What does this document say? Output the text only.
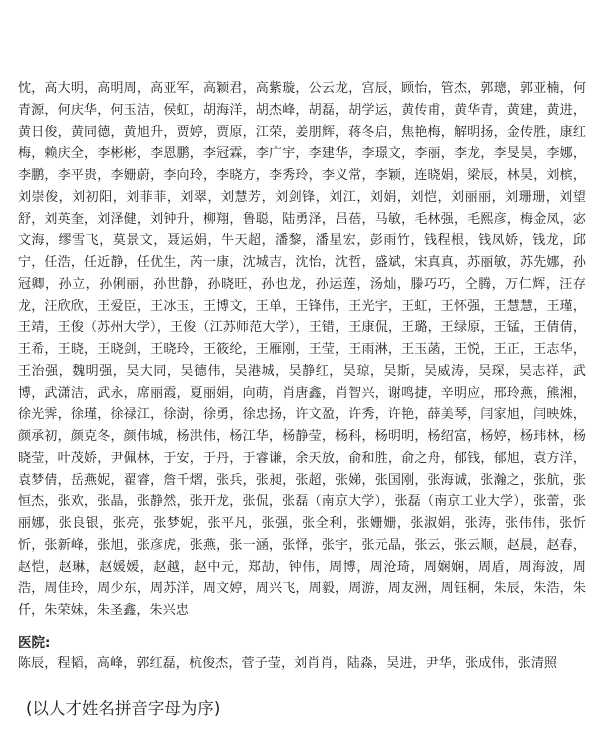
忱，高大明，高明周，高亚军，高颖君，高紫璇，公云龙，宫辰，顾怡，管杰，郭璁，郭亚楠，何青源，何庆华，何玉洁，侯虹，胡海洋，胡杰峰，胡磊，胡学运，黄传甫，黄华青，黄建，黄进，黄日俊，黄同德，黄旭升，贾婷，贾原，江荣，姜朋辉，蒋冬启，焦艳梅，解明扬，金传胜，康红梅，赖庆全，李彬彬，李恩鹏，李冠霖，李广宇，李建华，李璟文，李丽，李龙，李旻昊，李娜，李鹏，李平贵，李姗蔚，李向玲，李晓方，李秀玲，李义常，李颖，连晓娟，梁辰，林昊，刘槟，刘崇俊，刘初阳，刘菲菲，刘翠，刘慧芳，刘剑锋，刘江，刘娟，刘恺，刘丽丽，刘珊珊，刘望舒，刘英奎，刘泽健，刘钟升，柳翔，鲁聪，陆勇泽，吕蓓，马敏，毛林强，毛熙彦，梅金凤，宓文海，缪雪飞，莫景文，聂运娟，牛天超，潘黎，潘星宏，彭雨竹，钱程根，钱凤娇，钱龙，邱宁，任浩，任近静，任优生，芮一康，沈城吉，沈怡，沈哲，盛斌，宋真真，苏丽敏，苏先娜，孙冠卿，孙立，孙俐丽，孙世静，孙晓旺，孙也龙，孙运莲，汤灿，滕巧巧，仝腾，万仁辉，汪存龙，汪欣欣，王爱臣，王冰玉，王博文，王单，王锋伟，王光宇，王虹，王怀强，王慧慧，王瑾，王靖，王俊（苏州大学），王俊（江苏师范大学），王错，王康侃，王璐，王绿原，王锰，王倩倩，王希，王晓，王晓剑，王晓玲，王筱纶，王雁刚，王莹，王雨淋，王玉菡，王悦，王正，王志华，王治强，魏明强，吴大同，吴德伟，吴港城，吴静红，吴琼，吴斯，吴威涛，吴琛，吴志祥，武博，武潇洁，武永，席丽霞，夏丽娟，向萌，肖唐鑫，肖智兴，谢鸣捷，辛明应，邢玲燕，熊湘，徐光霁，徐瑾，徐禄江，徐澍，徐勇，徐忠扬，许文盈，许秀，许艳，薛美琴，闫家旭，闫映姝，颜承初，颜克冬，颜伟城，杨洪伟，杨江华，杨静莹，杨科，杨明明，杨绍富，杨婷，杨玮林，杨晓莹，叶茂娇，尹佩林，于安，于丹，于睿谦，余天放，俞和胜，俞之舟，郁钱，郁旭，袁方洋，袁梦倩，岳燕妮，翟睿，詹千熠，张兵，张昶，张超，张娣，张国刚，张海诚，张瀚之，张航，张恒杰，张欢，张晶，张静然，张开龙，张侃，张磊（南京大学），张磊（南京工业大学），张蕾，张丽娜，张良银，张亮，张梦妮，张平凡，张强，张全利，张姗姗，张淑娟，张涛，张伟伟，张忻忻，张新峰，张旭，张彦虎，张燕，张一涵，张怿，张宇，张元晶，张云，张云顺，赵晨，赵春，赵恺，赵琳，赵媛媛，赵越，赵中元，郑劼，钟伟，周博，周沧琦，周娴娴，周盾，周海波，周浩，周佳玲，周少东，周苏洋，周文婷，周兴飞，周毅，周游，周友洲，周钰桐，朱辰，朱浩，朱仟，朱荣妹，朱圣鑫，朱兴忠

医院:

陈辰，程韬，高峰，郭红磊，杭俊杰，菅子莹，刘肖肖，陆淼，吴进，尹华，张成伟，张清照

(以人才姓名拼音字母为序)
